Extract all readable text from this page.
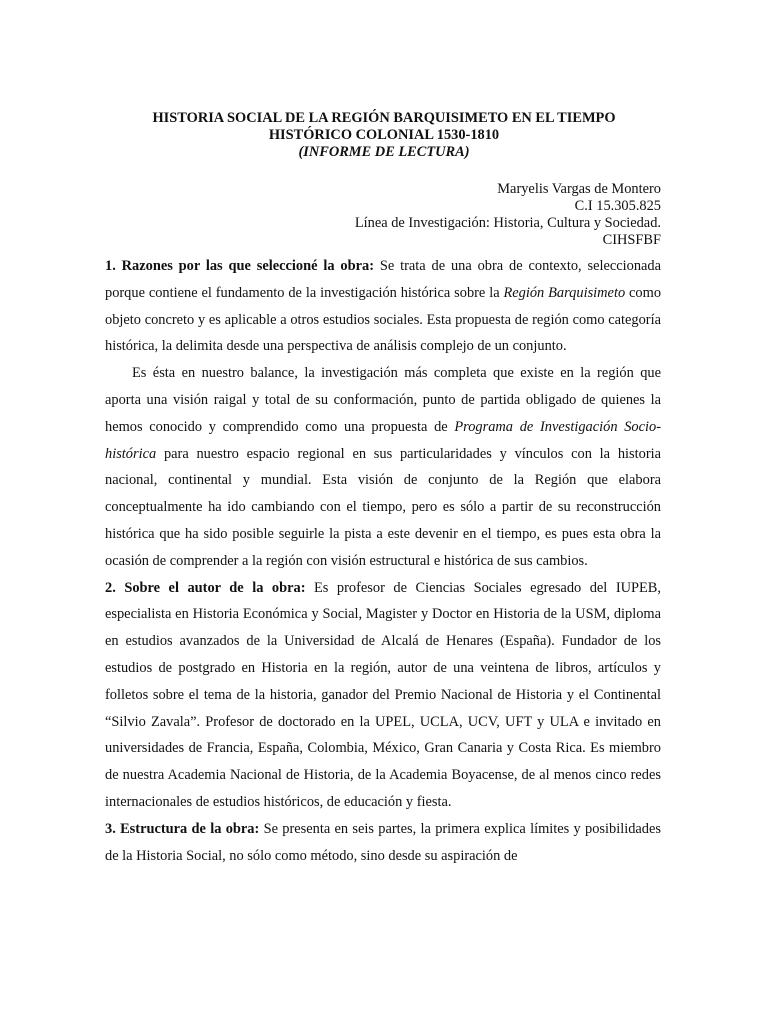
HISTORIA SOCIAL DE LA REGIÓN BARQUISIMETO EN EL TIEMPO
HISTÓRICO COLONIAL 1530-1810
(INFORME DE LECTURA)
Maryelis Vargas de Montero
C.I 15.305.825
Línea de Investigación: Historia, Cultura y Sociedad.
CIHSFBF

1. Razones por las que seleccioné la obra: Se trata de una obra de contexto, seleccionada porque contiene el fundamento de la investigación histórica sobre la Región Barquisimeto como objeto concreto y es aplicable a otros estudios sociales. Esta propuesta de región como categoría histórica, la delimita desde una perspectiva de análisis complejo de un conjunto.

Es ésta en nuestro balance, la investigación más completa que existe en la región que aporta una visión raigal y total de su conformación, punto de partida obligado de quienes la hemos conocido y comprendido como una propuesta de Programa de Investigación Socio-histórica para nuestro espacio regional en sus particularidades y vínculos con la historia nacional, continental y mundial. Esta visión de conjunto de la Región que elabora conceptualmente ha ido cambiando con el tiempo, pero es sólo a partir de su reconstrucción histórica que ha sido posible seguirle la pista a este devenir en el tiempo, es pues esta obra la ocasión de comprender a la región con visión estructural e histórica de sus cambios.

2. Sobre el autor de la obra: Es profesor de Ciencias Sociales egresado del IUPEB, especialista en Historia Económica y Social, Magister y Doctor en Historia de la USM, diploma en estudios avanzados de la Universidad de Alcalá de Henares (España). Fundador de los estudios de postgrado en Historia en la región, autor de una veintena de libros, artículos y folletos sobre el tema de la historia, ganador del Premio Nacional de Historia y el Continental “Silvio Zavala”. Profesor de doctorado en la UPEL, UCLA, UCV, UFT y ULA e invitado en universidades de Francia, España, Colombia, México, Gran Canaria y Costa Rica. Es miembro de nuestra Academia Nacional de Historia, de la Academia Boyacense, de al menos cinco redes internacionales de estudios históricos, de educación y fiesta.

3. Estructura de la obra: Se presenta en seis partes, la primera explica límites y posibilidades de la Historia Social, no sólo como método, sino desde su aspiración de
